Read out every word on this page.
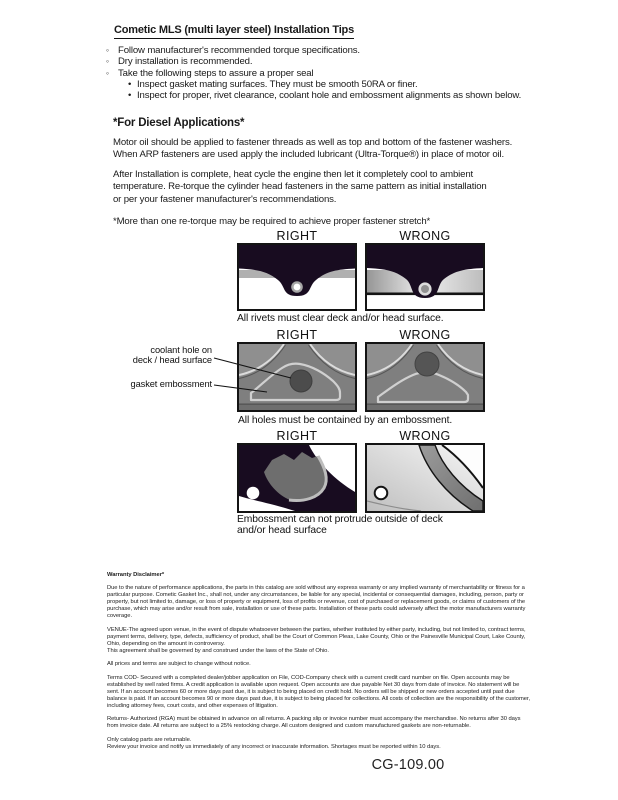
Cometic MLS (multi layer steel) Installation Tips
◦ Follow manufacturer's recommended torque specifications.
◦ Dry installation is recommended.
◦ Take the following steps to assure a proper seal
• Inspect gasket mating surfaces. They must be smooth 50RA or finer.
• Inspect for proper, rivet clearance, coolant hole and embossment alignments as shown below.
*For Diesel Applications*
Motor oil should be applied to fastener threads as well as top and bottom of the fastener washers.
When ARP fasteners are used apply the included lubricant (Ultra-Torque®) in place of motor oil.
After Installation is complete, heat cycle the engine then let it completely cool to ambient
temperature. Re-torque the cylinder head fasteners in the same pattern as initial installation
or per your fastener manufacturer's recommendations.
*More than one re-torque may be required to achieve proper fastener stretch*
RIGHT	WRONG
All rivets must clear deck and/or head surface.
RIGHT	WRONG
coolant hole on
deck / head surface
gasket embossment
All holes must be contained by an embossment.
RIGHT	WRONG
Embossment can not protrude outside of deck
and/or head surface
Warranty Disclaimer*
Due to the nature of performance applications, the parts in this catalog are sold without any express warranty or any implied warranty of merchantability or fitness for a particular purpose. Cometic Gasket Inc., shall not, under any circumstances, be liable for any special, incidental or consequential damages, including, person, party or property, but not limited to, damage, or loss of property or equipment, loss of profits or revenue, cost of purchased or replacement goods, or claims of customers of the purchase, which may arise and/or result from sale, installation or use of these parts. Installation of these parts could adversely affect the motor manufacturers warranty coverage.
VENUE-The agreed upon venue, in the event of dispute whatsoever between the parties, whether instituted by either party, including, but not limited to, contract terms, payment terms, delivery, type, defects, sufficiency of product, shall be the Court of Common Pleas, Lake County, Ohio or the Painesville Municipal Court, Lake County, Ohio, depending on the amount in controversy.
This agreement shall be governed by and construed under the laws of the State of Ohio.
All prices and terms are subject to change without notice.
Terms COD- Secured with a completed dealer/jobber application on File, COD-Company check with a current credit card number on file. Open accounts may be established by well rated firms. A credit application is available upon request. Open accounts are due payable Net 30 days from date of invoice. No statement will be sent. If an account becomes 60 or more days past due, it is subject to being placed on credit hold. No orders will be shipped or new orders accepted until past due balance is paid. If an account becomes 90 or more days past due, it is subject to being placed for collections. All costs of collection are the responsibility of the customer, including attorney fees, court costs, and other expenses of litigation.
Returns- Authorized (RGA) must be obtained in advance on all returns. A packing slip or invoice number must accompany the merchandise. No returns after 30 days from invoice date. All returns are subject to a 25% restocking charge. All custom designed and custom manufactured gaskets are non-returnable.
Only catalog parts are returnable.
Review your invoice and notify us immediately of any incorrect or inaccurate information. Shortages must be reported within 10 days.
CG-109.00
